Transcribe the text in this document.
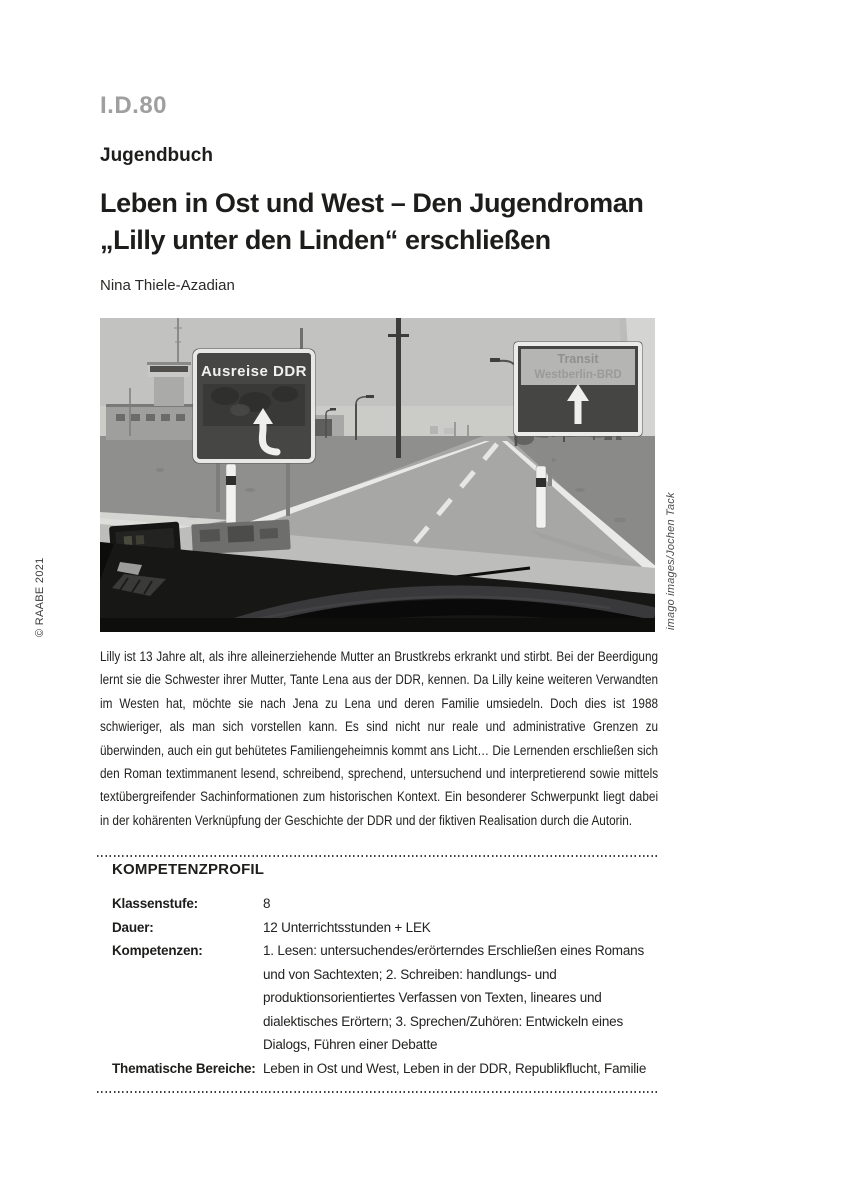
I.D.80
Jugendbuch
Leben in Ost und West – Den Jugendroman
„Lilly unter den Linden“ erschließen
Nina Thiele-Azadian
Ausreise DDR
Transit
Westberlin-BRD
© RAABE 2021	imago images/Jochen Tack
Lilly ist 13 Jahre alt, als ihre alleinerziehende Mutter an Brustkrebs erkrankt und stirbt. Bei der Beerdigung lernt sie die Schwester ihrer Mutter, Tante Lena aus der DDR, kennen. Da Lilly keine weiteren Verwandten im Westen hat, möchte sie nach Jena zu Lena und deren Familie umsiedeln. Doch dies ist 1988 schwieriger, als man sich vorstellen kann. Es sind nicht nur reale und administrative Grenzen zu überwinden, auch ein gut behütetes Familiengeheimnis kommt ans Licht… Die Lernenden erschließen sich den Roman textimmanent lesend, schreibend, sprechend, untersuchend und interpretierend sowie mittels textübergreifender Sachinformationen zum historischen Kontext. Ein besonderer Schwerpunkt liegt dabei in der kohärenten Verknüpfung der Geschichte der DDR und der fiktiven Realisation durch die Autorin.
KOMPETENZPROFIL
Klassenstufe:	8
Dauer:	12 Unterrichtsstunden + LEK
Kompetenzen:	1. Lesen: untersuchendes/erörterndes Erschließen eines Romans und von Sachtexten; 2. Schreiben: handlungs- und produktionsorientiertes Verfassen von Texten, lineares und dialektisches Erörtern; 3. Sprechen/Zuhören: Entwickeln eines Dialogs, Führen einer Debatte
Thematische Bereiche: Leben in Ost und West, Leben in der DDR, Republikflucht, Familie
